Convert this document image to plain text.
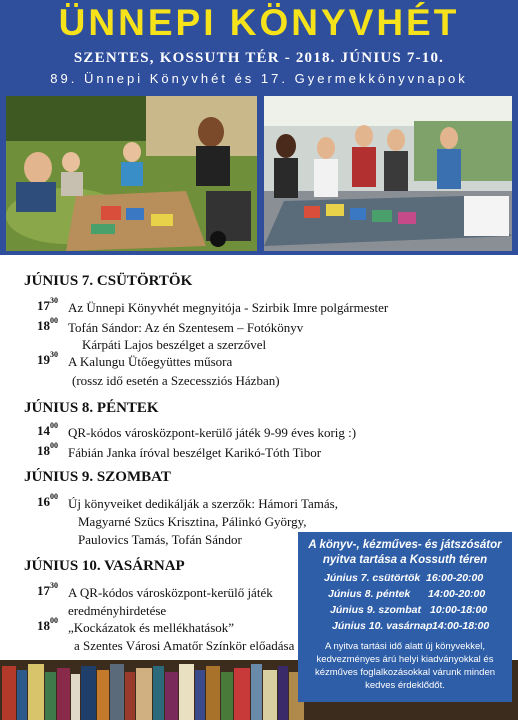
ÜNNEPI KÖNYVHÉT
SZENTES, KOSSUTH TÉR - 2018. JÚNIUS 7-10.
89. Ünnepi Könyvhét és 17. Gyermekkönyvnapok
JÚNIUS 7. CSÜTÖRTÖK
$17^{30}$ Az Ünnepi Könyvhét megnyitója - Szirbik Imre polgármester
$18^{00}$ Tofán Sándor: Az én Szentesem – Fotókönyv
Kárpáti Lajos beszélget a szerzővel
$19^{30}$ A Kalungu Ütőegyüttes műsora
(rossz idő esetén a Szecessziós Házban)
JÚNIUS 8. PÉNTEK
$14^{00}$ QR-kódos városközpont-kerülő játék 9-99 éves korig :)
$18^{00}$ Fábián Janka íróval beszélget Karikó-Tóth Tibor
JÚNIUS 9. SZOMBAT
$16^{00}$ Új könyveiket dedikálják a szerzők: Hámori Tamás,
Magyarné Szücs Krisztina, Pálinkó György,
Paulovics Tamás, Tofán Sándor
JÚNIUS 10. VASÁRNAP
$17^{30}$ A QR-kódos városközpont-kerülő játék
eredményhirdetése
$18^{00}$ „Kockázatok és mellékhatások”
a Szentes Városi Amatőr Színkör előadása
A könyv-, kézműves- és játszósátor
nyitva tartása a Kossuth téren
Június 7. csütörtök 16:00-20:00
Június 8. péntek 14:00-20:00
Június 9. szombat 10:00-18:00
Június 10. vasárnap 14:00-18:00
A nyitva tartási idő alatt új könyvekkel, kedvezményes árú helyi kiadványokkal és kézműves foglalkozásokkal várunk minden kedves érdeklődőt.
